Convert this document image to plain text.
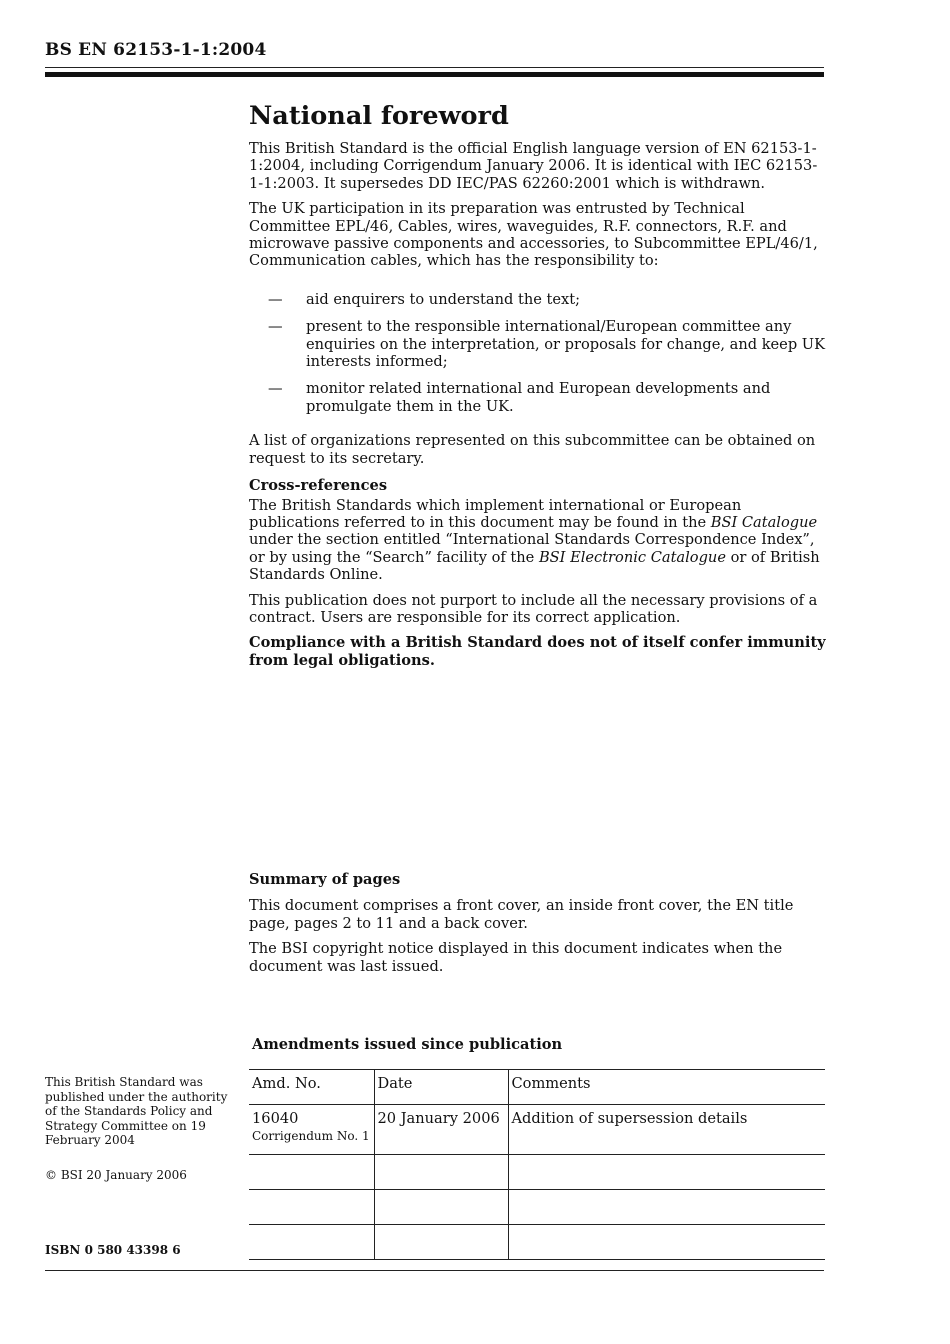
BS EN 62153-1-1:2004
National foreword

This British Standard is the official English language version of EN 62153-1-1:2004, including Corrigendum January 2006. It is identical with IEC 62153-1-1:2003. It supersedes DD IEC/PAS 62260:2001 which is withdrawn.

The UK participation in its preparation was entrusted by Technical Committee EPL/46, Cables, wires, waveguides, R.F. connectors, R.F. and microwave passive components and accessories, to Subcommittee EPL/46/1, Communication cables, which has the responsibility to:

— aid enquirers to understand the text;
— present to the responsible international/European committee any enquiries on the interpretation, or proposals for change, and keep UK interests informed;
— monitor related international and European developments and promulgate them in the UK.

A list of organizations represented on this subcommittee can be obtained on request to its secretary.

Cross-references

The British Standards which implement international or European publications referred to in this document may be found in the BSI Catalogue under the section entitled “International Standards Correspondence Index”, or by using the “Search” facility of the BSI Electronic Catalogue or of British Standards Online.

This publication does not purport to include all the necessary provisions of a contract. Users are responsible for its correct application.

Compliance with a British Standard does not of itself confer immunity from legal obligations.

Summary of pages

This document comprises a front cover, an inside front cover, the EN title page, pages 2 to 11 and a back cover.

The BSI copyright notice displayed in this document indicates when the document was last issued.

Amendments issued since publication
Amd. No.	Date	Comments
16040
Corrigendum No. 1	20 January 2006	Addition of supersession details

This British Standard was published under the authority of the Standards Policy and Strategy Committee on 19 February 2004
© BSI 20 January 2006
ISBN 0 580 43398 6
